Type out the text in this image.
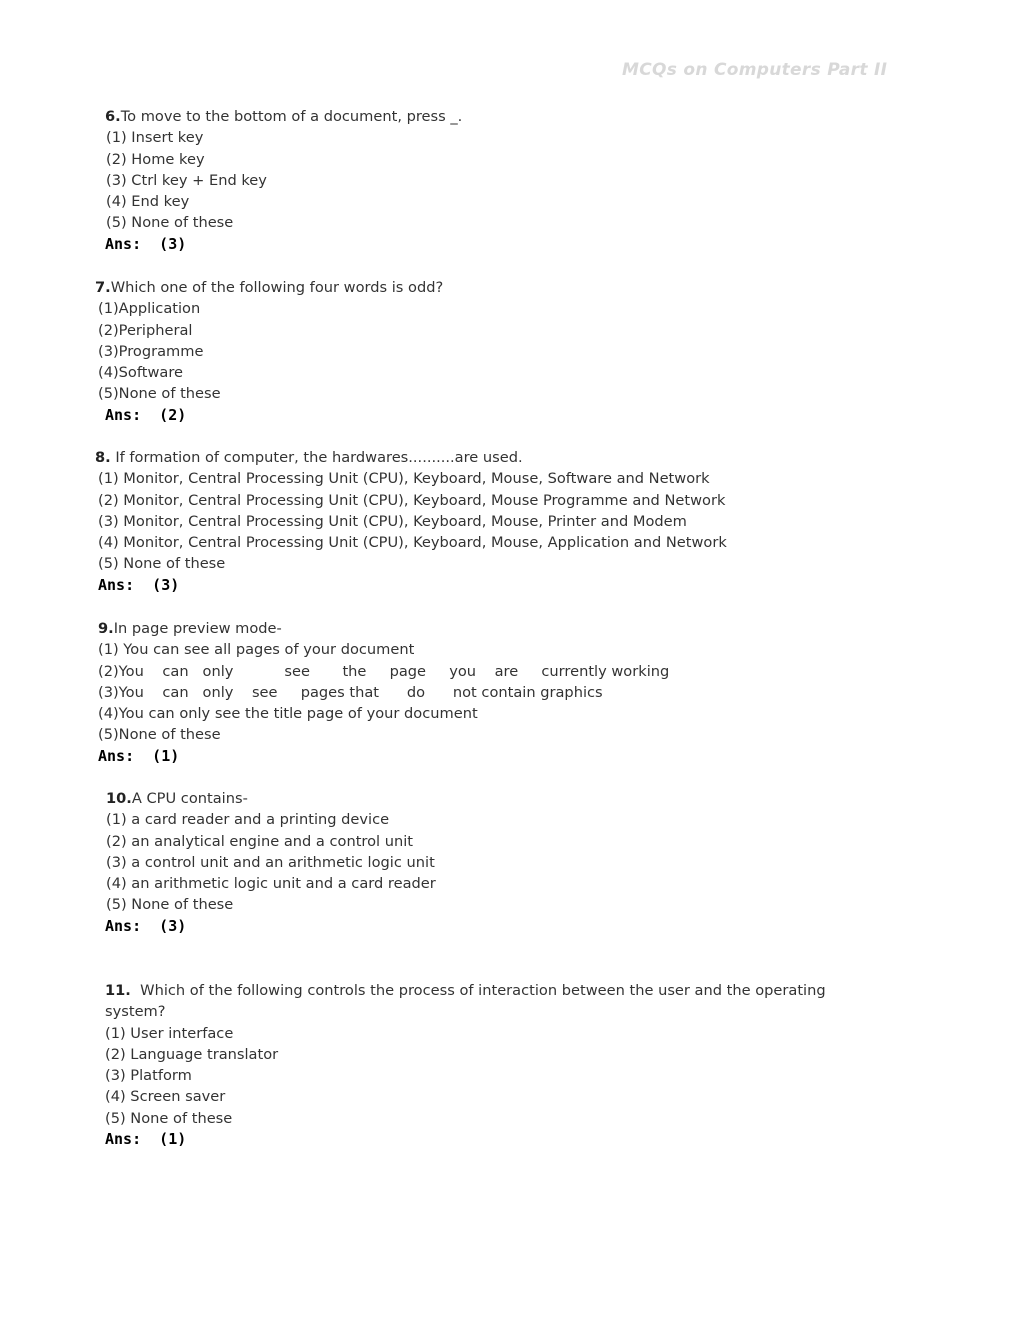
MCQs on Computers Part II
6.To move to the bottom of a document, press _.
(1) Insert key
(2) Home key
(3) Ctrl key + End key
(4) End key
(5) None of these
Ans:  (3)
7.Which one of the following four words is odd?
(1)Application
(2)Peripheral
(3)Programme
(4)Software
(5)None of these
Ans:  (2)
8. If formation of computer, the hardwares..........are used.
(1) Monitor, Central Processing Unit (CPU), Keyboard, Mouse, Software and Network
(2) Monitor, Central Processing Unit (CPU), Keyboard, Mouse Programme and Network
(3) Monitor, Central Processing Unit (CPU), Keyboard, Mouse, Printer and Modem
(4) Monitor, Central Processing Unit (CPU), Keyboard, Mouse, Application and Network
(5) None of these
Ans:  (3)
9.In page preview mode-
(1) You can see all pages of your document
(2)You    can   only           see       the     page     you    are     currently working
(3)You    can   only    see     pages that      do      not contain graphics
(4)You can only see the title page of your document
(5)None of these
Ans:  (1)
10.A CPU contains-
(1) a card reader and a printing device
(2) an analytical engine and a control unit
(3) a control unit and an arithmetic logic unit
(4) an arithmetic logic unit and a card reader
(5) None of these
Ans:  (3)
11.  Which of the following controls the process of interaction between the user and the operating system?
(1) User interface
(2) Language translator
(3) Platform
(4) Screen saver
(5) None of these
Ans:  (1)
